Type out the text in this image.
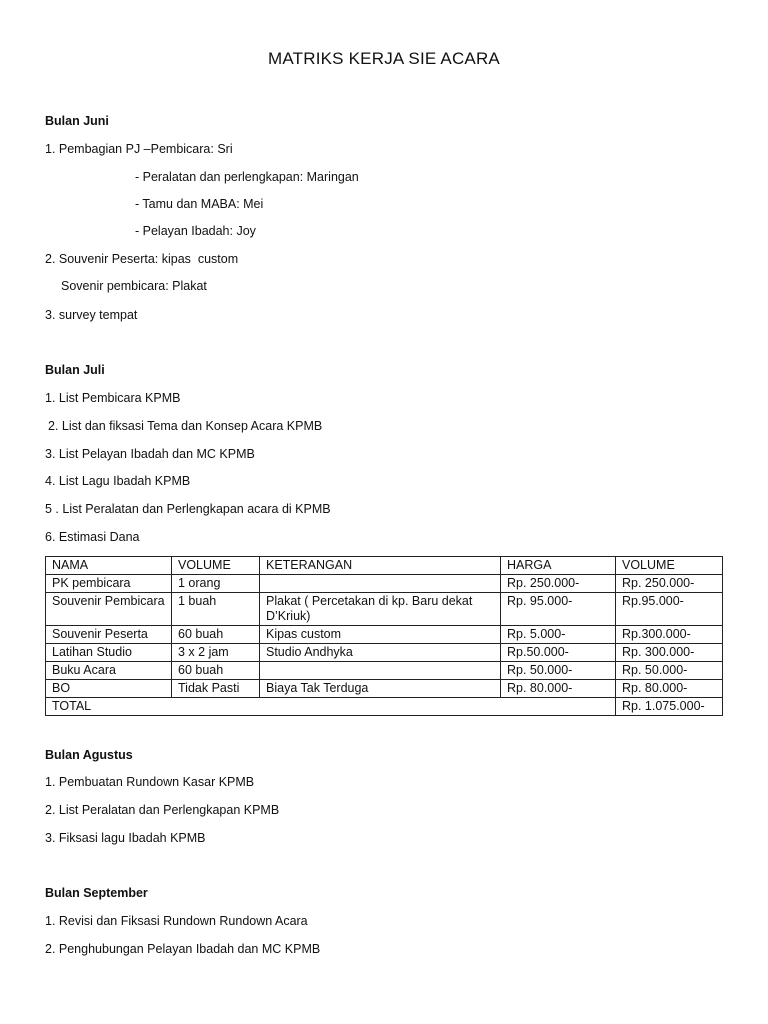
MATRIKS KERJA SIE ACARA
Bulan Juni
1. Pembagian PJ –Pembicara: Sri
- Peralatan dan perlengkapan: Maringan
- Tamu dan MABA: Mei
- Pelayan Ibadah: Joy
2. Souvenir Peserta: kipas  custom
Sovenir pembicara: Plakat
3. survey tempat
Bulan Juli
1. List Pembicara KPMB
2. List dan fiksasi Tema dan Konsep Acara KPMB
3. List Pelayan Ibadah dan MC KPMB
4. List Lagu Ibadah KPMB
5 . List Peralatan dan Perlengkapan acara di KPMB
6. Estimasi Dana
NAMA	VOLUME	KETERANGAN	HARGA	VOLUME
PK pembicara	1 orang		Rp. 250.000-	Rp. 250.000-
Souvenir Pembicara	1 buah	Plakat ( Percetakan di kp. Baru dekat D’Kriuk)	Rp. 95.000-	Rp.95.000-
Souvenir Peserta	60 buah	Kipas custom	Rp. 5.000-	Rp.300.000-
Latihan Studio	3 x 2 jam	Studio Andhyka	Rp.50.000-	Rp. 300.000-
Buku Acara	60 buah		Rp. 50.000-	Rp. 50.000-
BO	Tidak Pasti	Biaya Tak Terduga	Rp. 80.000-	Rp. 80.000-
TOTAL				Rp. 1.075.000-
Bulan Agustus
1. Pembuatan Rundown Kasar KPMB
2. List Peralatan dan Perlengkapan KPMB
3. Fiksasi lagu Ibadah KPMB
Bulan September
1. Revisi dan Fiksasi Rundown Rundown Acara
2. Penghubungan Pelayan Ibadah dan MC KPMB
